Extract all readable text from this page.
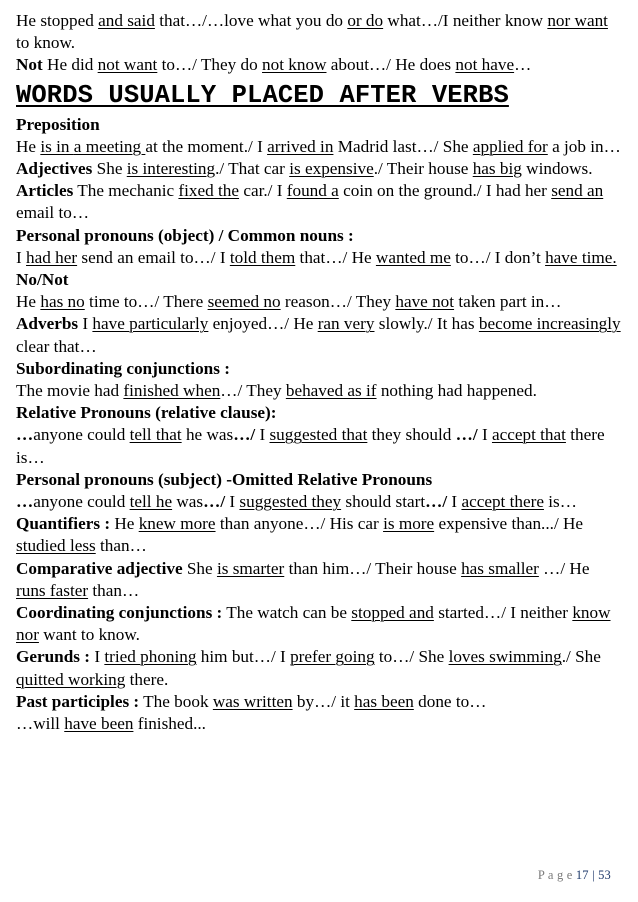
He stopped and said that…/…love what you do or do what…/I neither know nor want to know.

Not He did not want to…/ They do not know about…/ He does not have…

WORDS USUALLY PLACED AFTER VERBS

Preposition

He is in a meeting at the moment./ I arrived in Madrid last…/ She applied for a job in…

Adjectives She is interesting./ That car is expensive./ Their house has big windows.

Articles The mechanic fixed the car./ I found a coin on the ground./ I had her send an email to…

Personal pronouns (object) / Common nouns :

I had her send an email to…/ I told them that…/ He wanted me to…/ I don’t have time.

No/Not

He has no time to…/ There seemed no reason…/ They have not taken part in…

Adverbs I have particularly enjoyed…/ He ran very slowly./ It has become increasingly clear that…

Subordinating conjunctions :

The movie had finished when…/ They behaved as if nothing had happened.

Relative Pronouns (relative clause):

…anyone could tell that he was…/ I suggested that they should …/ I accept that there is…

Personal pronouns (subject) -Omitted Relative Pronouns

…anyone could tell he was…/ I suggested they should start…/ I accept there is…

Quantifiers : He knew more than anyone…/ His car is more expensive than.../ He studied less than…

Comparative adjective She is smarter than him…/ Their house has smaller …/ He runs faster than…

Coordinating conjunctions : The watch can be stopped and started…/ I neither know nor want to know.

Gerunds : I tried phoning him but…/ I prefer going to…/ She loves swimming./ She quitted working there.

Past participles : The book was written by…/ it has been done to…

…will have been finished...

P a g e 17 | 53
